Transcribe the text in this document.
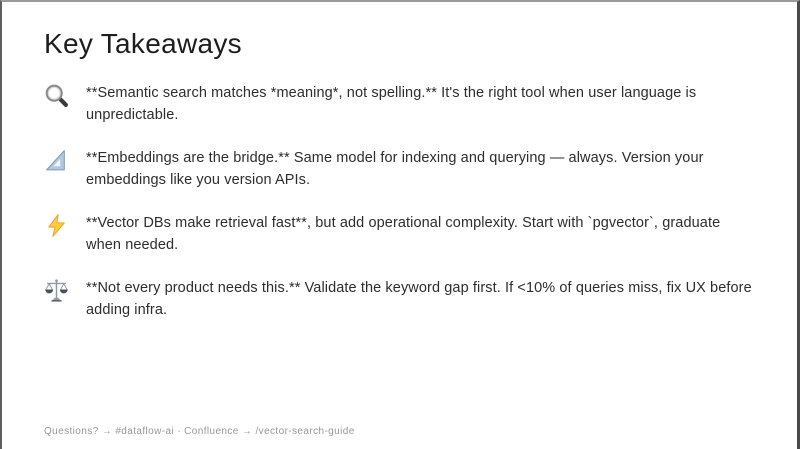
Key Takeaways
**Semantic search matches *meaning*, not spelling.** It's the right tool when user language is unpredictable.
**Embeddings are the bridge.** Same model for indexing and querying — always. Version your embeddings like you version APIs.
**Vector DBs make retrieval fast**, but add operational complexity. Start with `pgvector`, graduate when needed.
**Not every product needs this.** Validate the keyword gap first. If <10% of queries miss, fix UX before adding infra.
Questions? → #dataflow-ai · Confluence → /vector-search-guide
